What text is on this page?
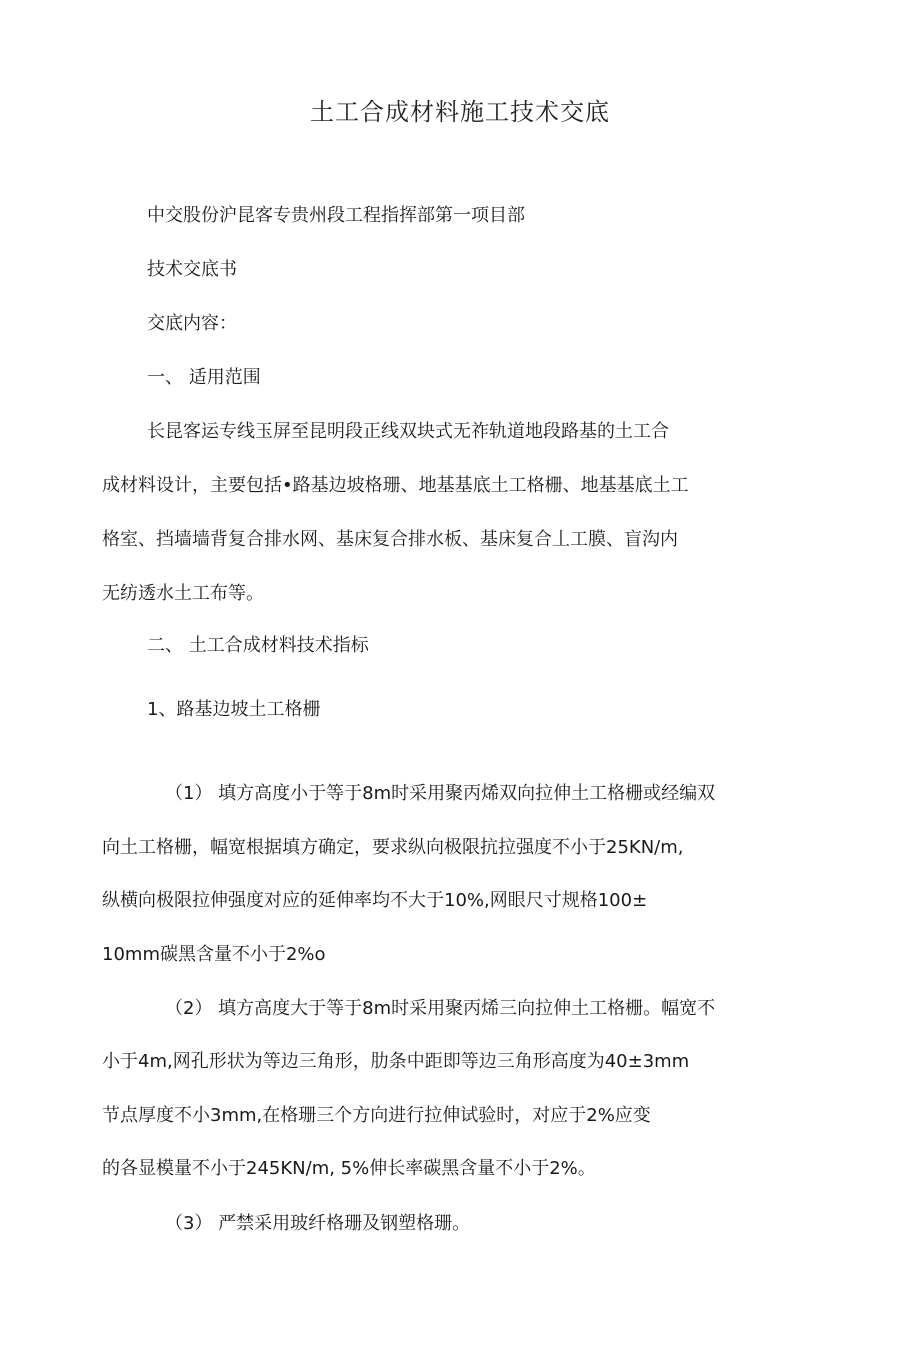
土工合成材料施工技术交底
中交股份沪昆客专贵州段工程指挥部第一项目部
技术交底书
交底内容：
一、 适用范围
长昆客运专线玉屏至昆明段正线双块式无祚轨道地段路基的土工合
成材料设计，主要包括•路基边坡格珊、地基基底土工格栅、地基基底土工
格室、挡墙墙背复合排水网、基床复合排水板、基床复合丄工膜、盲沟内
无纺透水土工布等。
二、 土工合成材料技术指标
1、路基边坡土工格栅
（1） 填方高度小于等于8m时采用聚丙烯双向拉伸土工格栅或经编双
向土工格栅，幅宽根据填方确定，要求纵向极限抗拉强度不小于25KN/m,
纵横向极限拉伸强度对应的延伸率均不大于10%,网眼尺寸规格100±
10mm碳黑含量不小于2%o
（2） 填方高度大于等于8m时采用聚丙烯三向拉伸土工格栅。幅宽不
小于4m,网孔形状为等边三角形，肋条中距即等边三角形高度为40±3mm
节点厚度不小3mm,在格珊三个方向进行拉伸试验时，对应于2%应变
的各显模量不小于245KN/m, 5%伸长率碳黑含量不小于2%。
（3） 严禁采用玻纤格珊及钢塑格珊。
